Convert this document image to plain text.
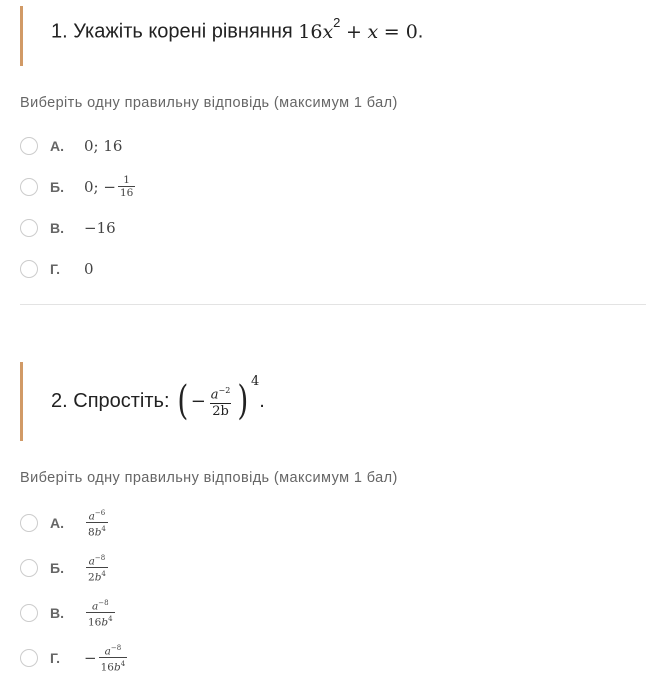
1. Укажіть корені рівняння $16x^2 + x = 0$.
Виберіть одну правильну відповідь (максимум 1 бал)
А.	0; 16
Б.	0; − $\frac{1}{16}$
В.	−16
Г.	0
2.
Спростіть:
( − $\frac{a^{-2}}{2b}$ ) 4
.
Виберіть одну правильну відповідь (максимум 1 бал)
А.	$\frac{a^{-6}}{8b^4}$
Б.	$\frac{a^{-8}}{2b^4}$
В.	$\frac{a^{-8}}{16b^4}$
Г.	− $\frac{a^{-8}}{16b^4}$
